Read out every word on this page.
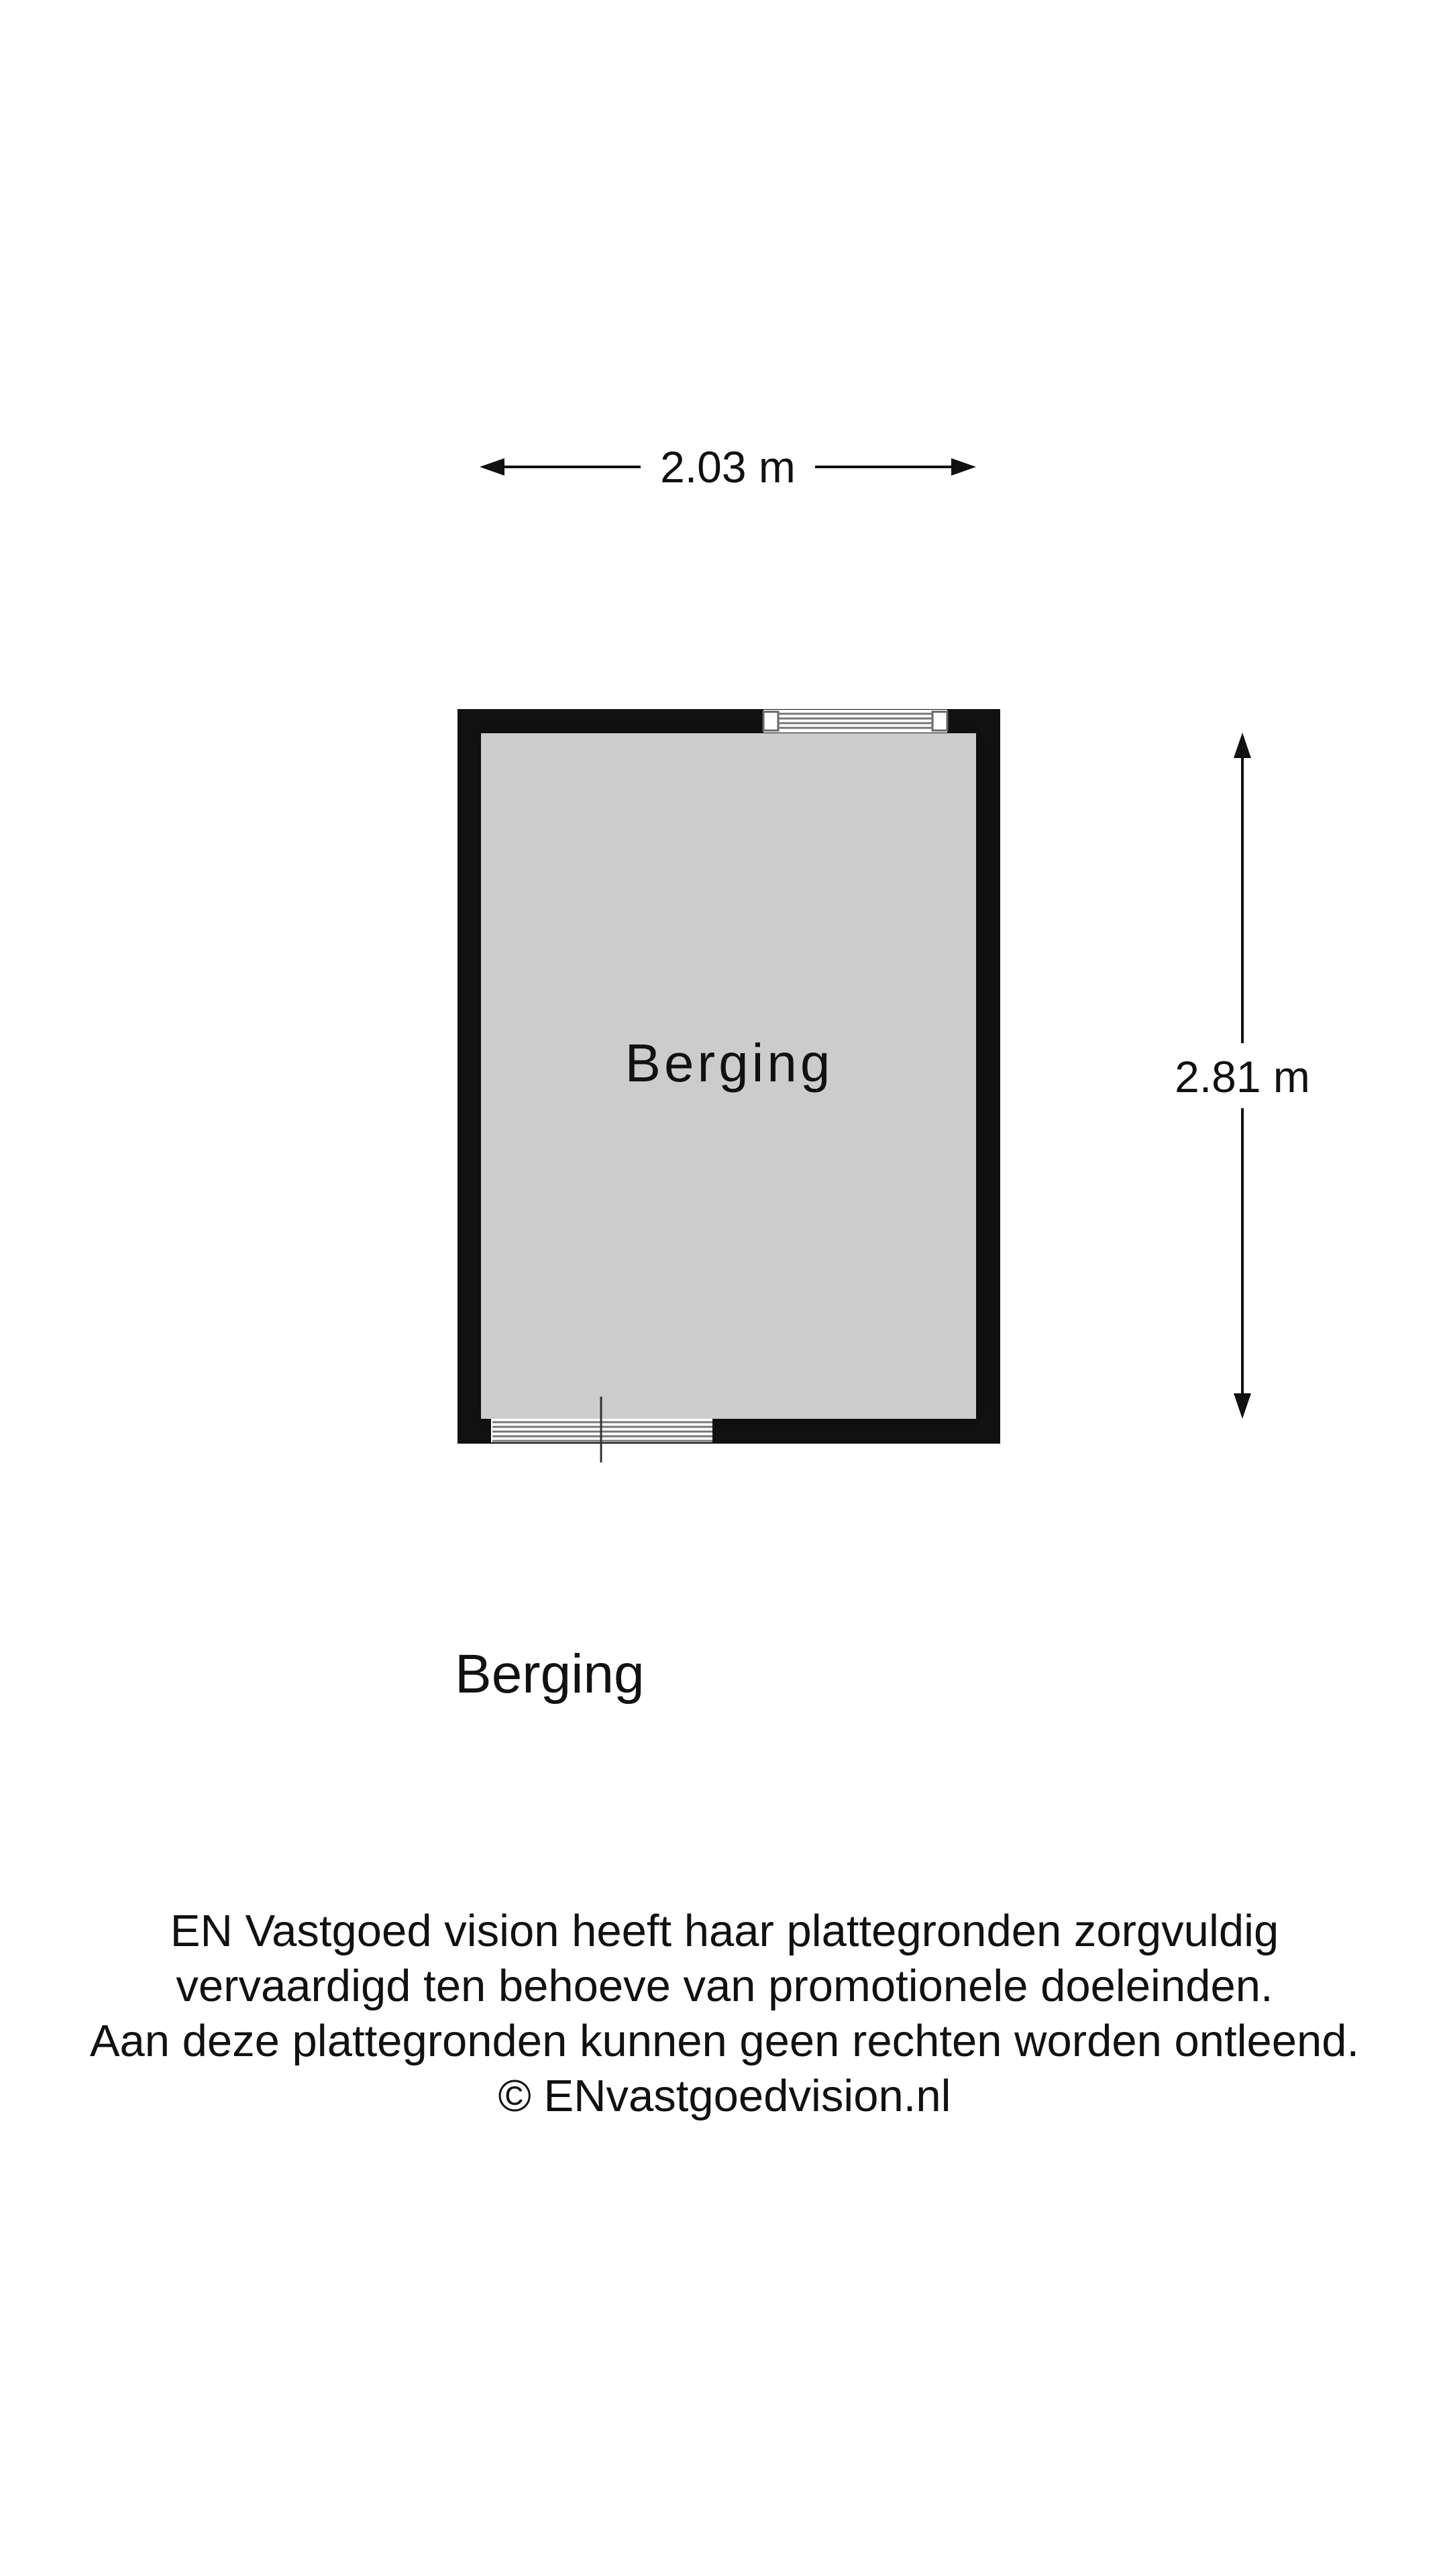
2.03 m
2.81 m
Berging
Berging
EN Vastgoed vision heeft haar plattegronden zorgvuldig
vervaardigd ten behoeve van promotionele doeleinden.
Aan deze plattegronden kunnen geen rechten worden ontleend.
© ENvastgoedvision.nl
